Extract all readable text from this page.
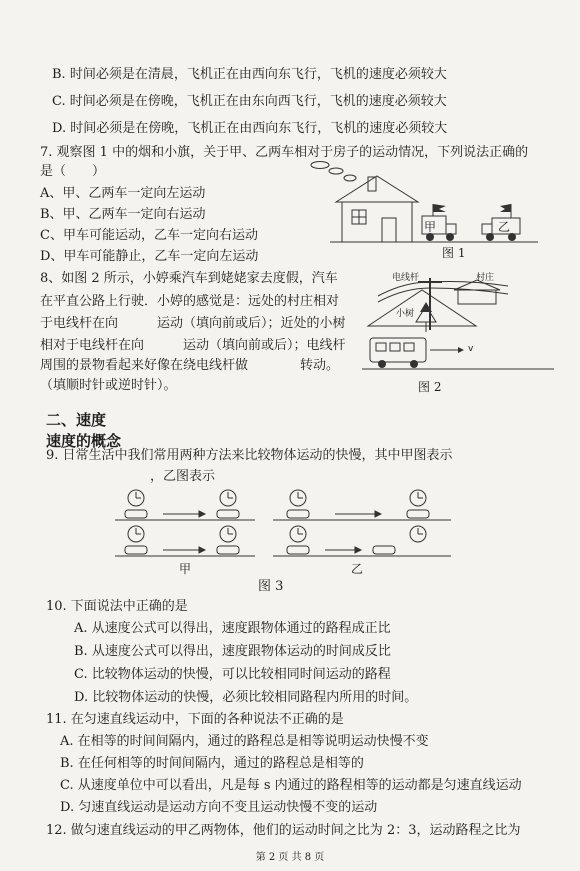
B. 时间必须是在清晨，飞机正在由西向东飞行，飞机的速度必须较大
C. 时间必须是在傍晚，飞机正在由东向西飞行，飞机的速度必须较大
D. 时间必须是在傍晚，飞机正在由西向东飞行，飞机的速度必须较大
7. 观察图 1 中的烟和小旗，关于甲、乙两车相对于房子的运动情况，下列说法正确的
是（　　）
A、甲、乙两车一定向左运动
B、甲、乙两车一定向右运动
C、甲车可能运动，乙车一定向右运动
D、甲车可能静止，乙车一定向左运动
8、如图 2 所示，小婷乘汽车到姥姥家去度假，汽车
在平直公路上行驶．小婷的感觉是：远处的村庄相对
于电线杆在向　　　运动（填向前或后）；近处的小树
相对于电线杆在向　　　运动（填向前或后）；电线杆
周围的景物看起来好像在绕电线杆做　　　　转动。
（填顺时针或逆时针）。
甲	乙
图 1
电线杆	村庄
小树
v
图 2
二、速度
速度的概念
9. 日常生活中我们常用两种方法来比较物体运动的快慢，其中甲图表示
，乙图表示
甲	乙
图 3
10. 下面说法中正确的是
A. 从速度公式可以得出，速度跟物体通过的路程成正比
B. 从速度公式可以得出，速度跟物体运动的时间成反比
C. 比较物体运动的快慢，可以比较相同时间运动的路程
D. 比较物体运动的快慢，必须比较相同路程内所用的时间。
11. 在匀速直线运动中，下面的各种说法不正确的是
A. 在相等的时间间隔内，通过的路程总是相等说明运动快慢不变
B. 在任何相等的时间间隔内，通过的路程总是相等的
C. 从速度单位中可以看出，凡是每 s 内通过的路程相等的运动都是匀速直线运动
D. 匀速直线运动是运动方向不变且运动快慢不变的运动
12. 做匀速直线运动的甲乙两物体，他们的运动时间之比为 2：3，运动路程之比为
第 2 页 共 8 页
